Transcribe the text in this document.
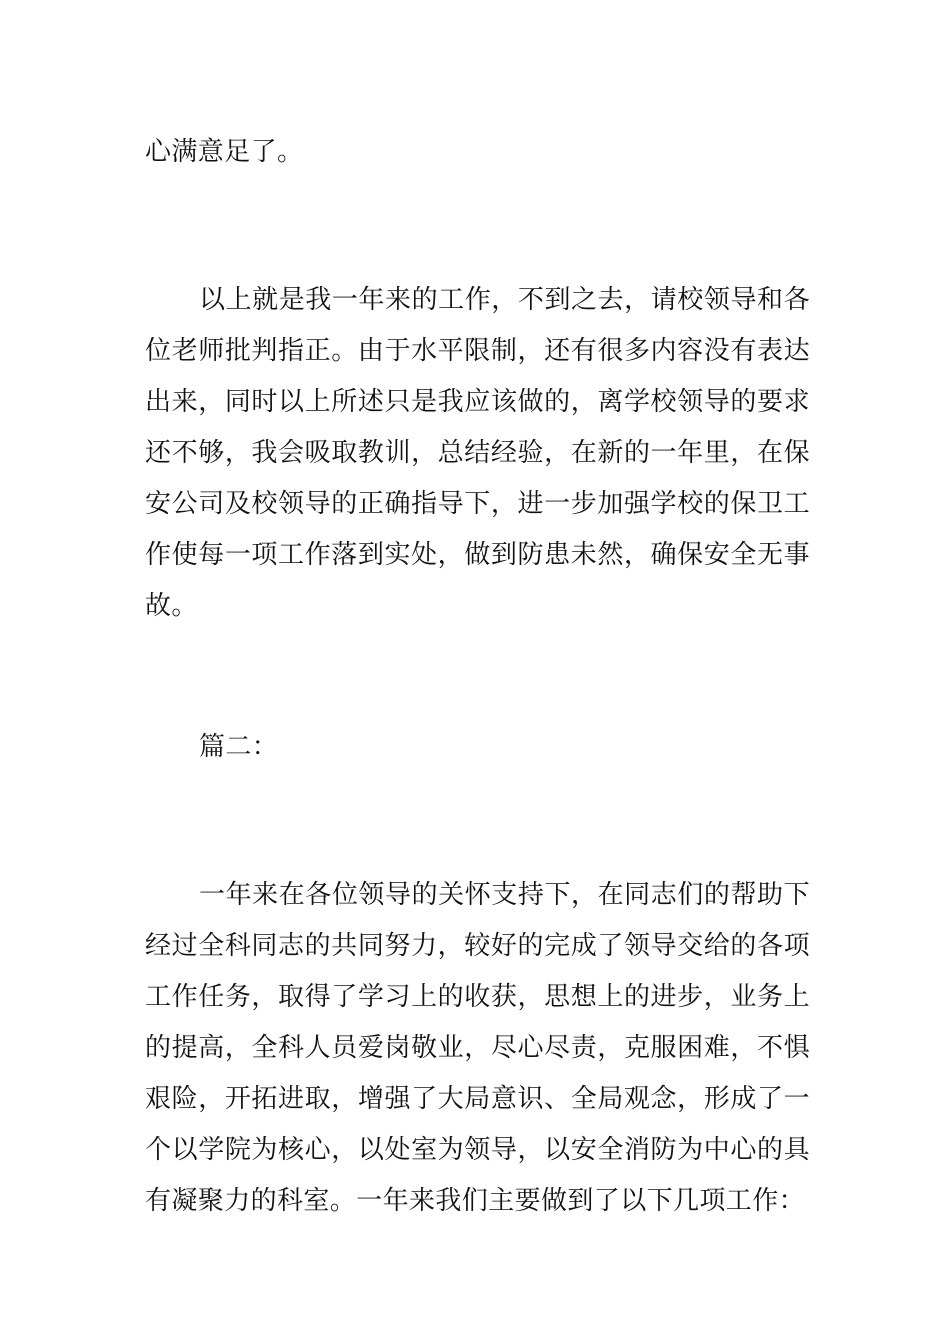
心满意足了。

以上就是我一年来的工作，不到之去，请校领导和各位老师批判指正。由于水平限制，还有很多内容没有表达出来，同时以上所述只是我应该做的，离学校领导的要求还不够，我会吸取教训，总结经验，在新的一年里，在保安公司及校领导的正确指导下，进一步加强学校的保卫工作使每一项工作落到实处，做到防患未然，确保安全无事故。

篇二：

一年来在各位领导的关怀支持下，在同志们的帮助下经过全科同志的共同努力，较好的完成了领导交给的各项工作任务，取得了学习上的收获，思想上的进步，业务上的提高，全科人员爱岗敬业，尽心尽责，克服困难，不惧艰险，开拓进取，增强了大局意识、全局观念，形成了一个以学院为核心，以处室为领导，以安全消防为中心的具有凝聚力的科室。一年来我们主要做到了以下几项工作：
